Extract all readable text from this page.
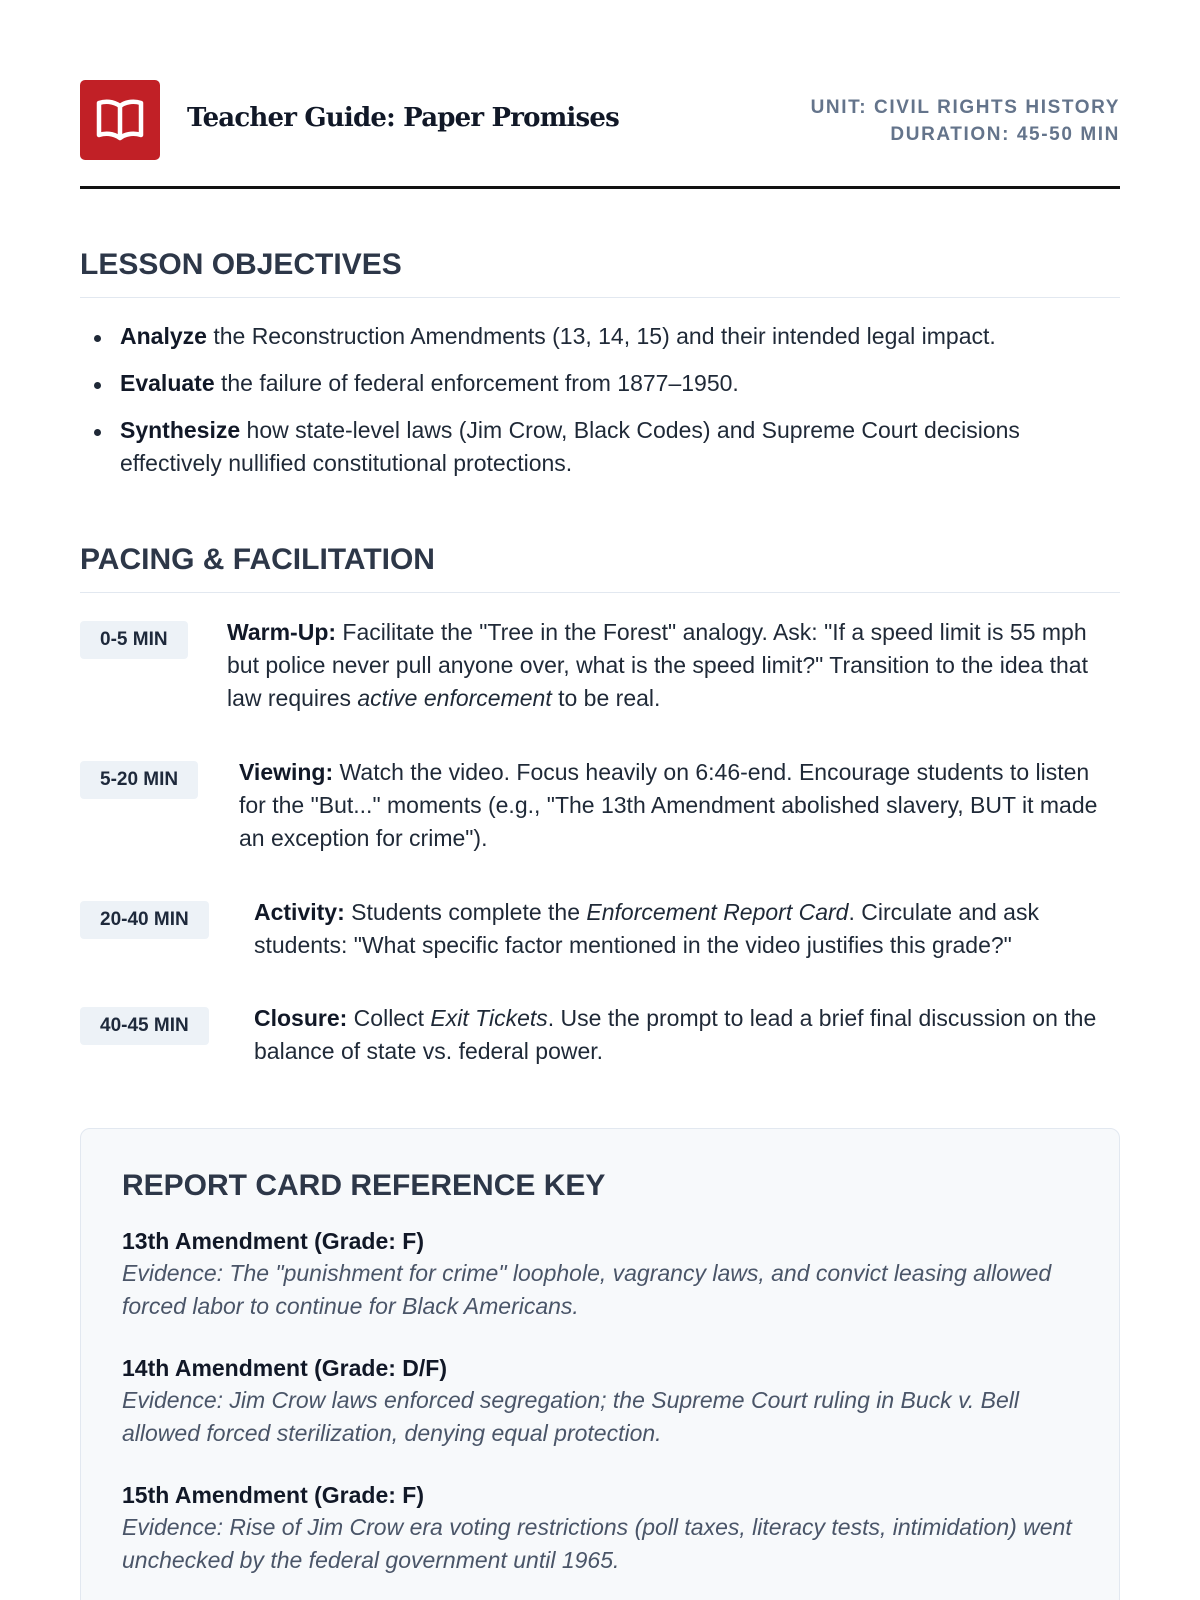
Teacher Guide: Paper Promises	UNIT: CIVIL RIGHTS HISTORY
DURATION: 45-50 MIN
LESSON OBJECTIVES
Analyze the Reconstruction Amendments (13, 14, 15) and their intended legal impact.
Evaluate the failure of federal enforcement from 1877–1950.
Synthesize how state-level laws (Jim Crow, Black Codes) and Supreme Court decisions effectively nullified constitutional protections.
PACING & FACILITATION
0-5 MIN	Warm-Up: Facilitate the "Tree in the Forest" analogy. Ask: "If a speed limit is 55 mph but police never pull anyone over, what is the speed limit?" Transition to the idea that law requires active enforcement to be real.
5-20 MIN	Viewing: Watch the video. Focus heavily on 6:46-end. Encourage students to listen for the "But..." moments (e.g., "The 13th Amendment abolished slavery, BUT it made an exception for crime").
20-40 MIN	Activity: Students complete the Enforcement Report Card. Circulate and ask students: "What specific factor mentioned in the video justifies this grade?"
40-45 MIN	Closure: Collect Exit Tickets. Use the prompt to lead a brief final discussion on the balance of state vs. federal power.
REPORT CARD REFERENCE KEY
13th Amendment (Grade: F)
Evidence: The "punishment for crime" loophole, vagrancy laws, and convict leasing allowed forced labor to continue for Black Americans.
14th Amendment (Grade: D/F)
Evidence: Jim Crow laws enforced segregation; the Supreme Court ruling in Buck v. Bell allowed forced sterilization, denying equal protection.
15th Amendment (Grade: F)
Evidence: Rise of Jim Crow era voting restrictions (poll taxes, literacy tests, intimidation) went unchecked by the federal government until 1965.
